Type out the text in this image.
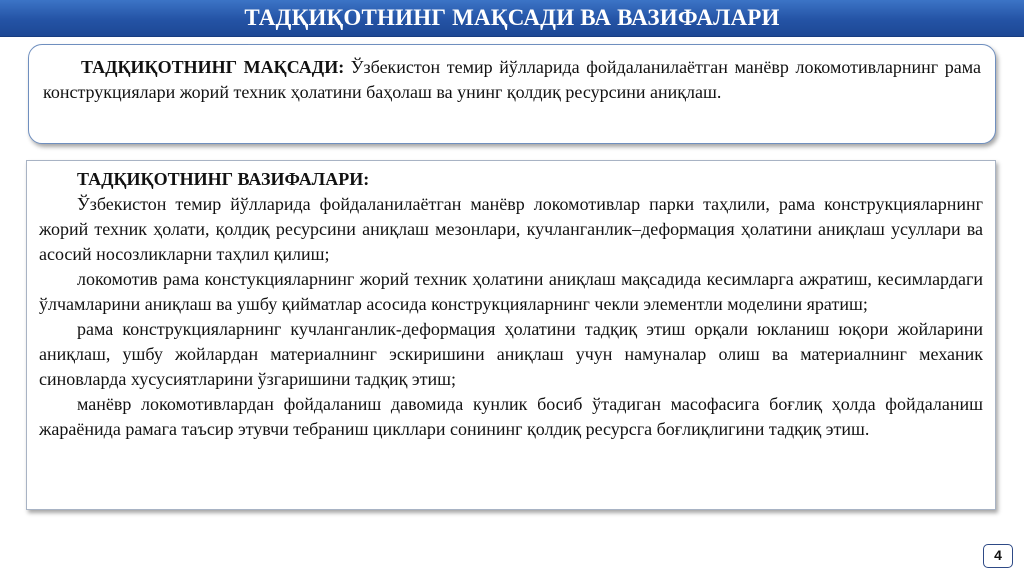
ТАДҚИҚОТНИНГ МАҚСАДИ ВА ВАЗИФАЛАРИ

ТАДҚИҚОТНИНГ МАҚСАДИ: Ўзбекистон темир йўлларида фойдаланилаётган манёвр локомотивларнинг рама конструкциялари жорий техник ҳолатини баҳолаш ва унинг қолдиқ ресурсини аниқлаш.

ТАДҚИҚОТНИНГ ВАЗИФАЛАРИ:

Ўзбекистон темир йўлларида фойдаланилаётган манёвр локомотивлар парки таҳлили, рама конструкцияларнинг жорий техник ҳолати, қолдиқ ресурсини аниқлаш мезонлари, кучланганлик–деформация ҳолатини аниқлаш усуллари ва асосий носозликларни таҳлил қилиш;

локомотив рама констукцияларнинг жорий техник ҳолатини аниқлаш мақсадида кесимларга ажратиш, кесимлардаги ўлчамларини аниқлаш ва ушбу қийматлар асосида конструкцияларнинг чекли элементли моделини яратиш;

рама конструкцияларнинг кучланганлик-деформация ҳолатини тадқиқ этиш орқали юкланиш юқори жойларини аниқлаш, ушбу жойлардан материалнинг эскиришини аниқлаш учун намуналар олиш ва материалнинг механик синовларда хусусиятларини ўзгаришини тадқиқ этиш;

манёвр локомотивлардан фойдаланиш давомида кунлик босиб ўтадиган масофасига боғлиқ ҳолда фойдаланиш жараёнида рамага таъсир этувчи тебраниш цикллари сонининг қолдиқ ресурсга боғлиқлигини тадқиқ этиш.

4
